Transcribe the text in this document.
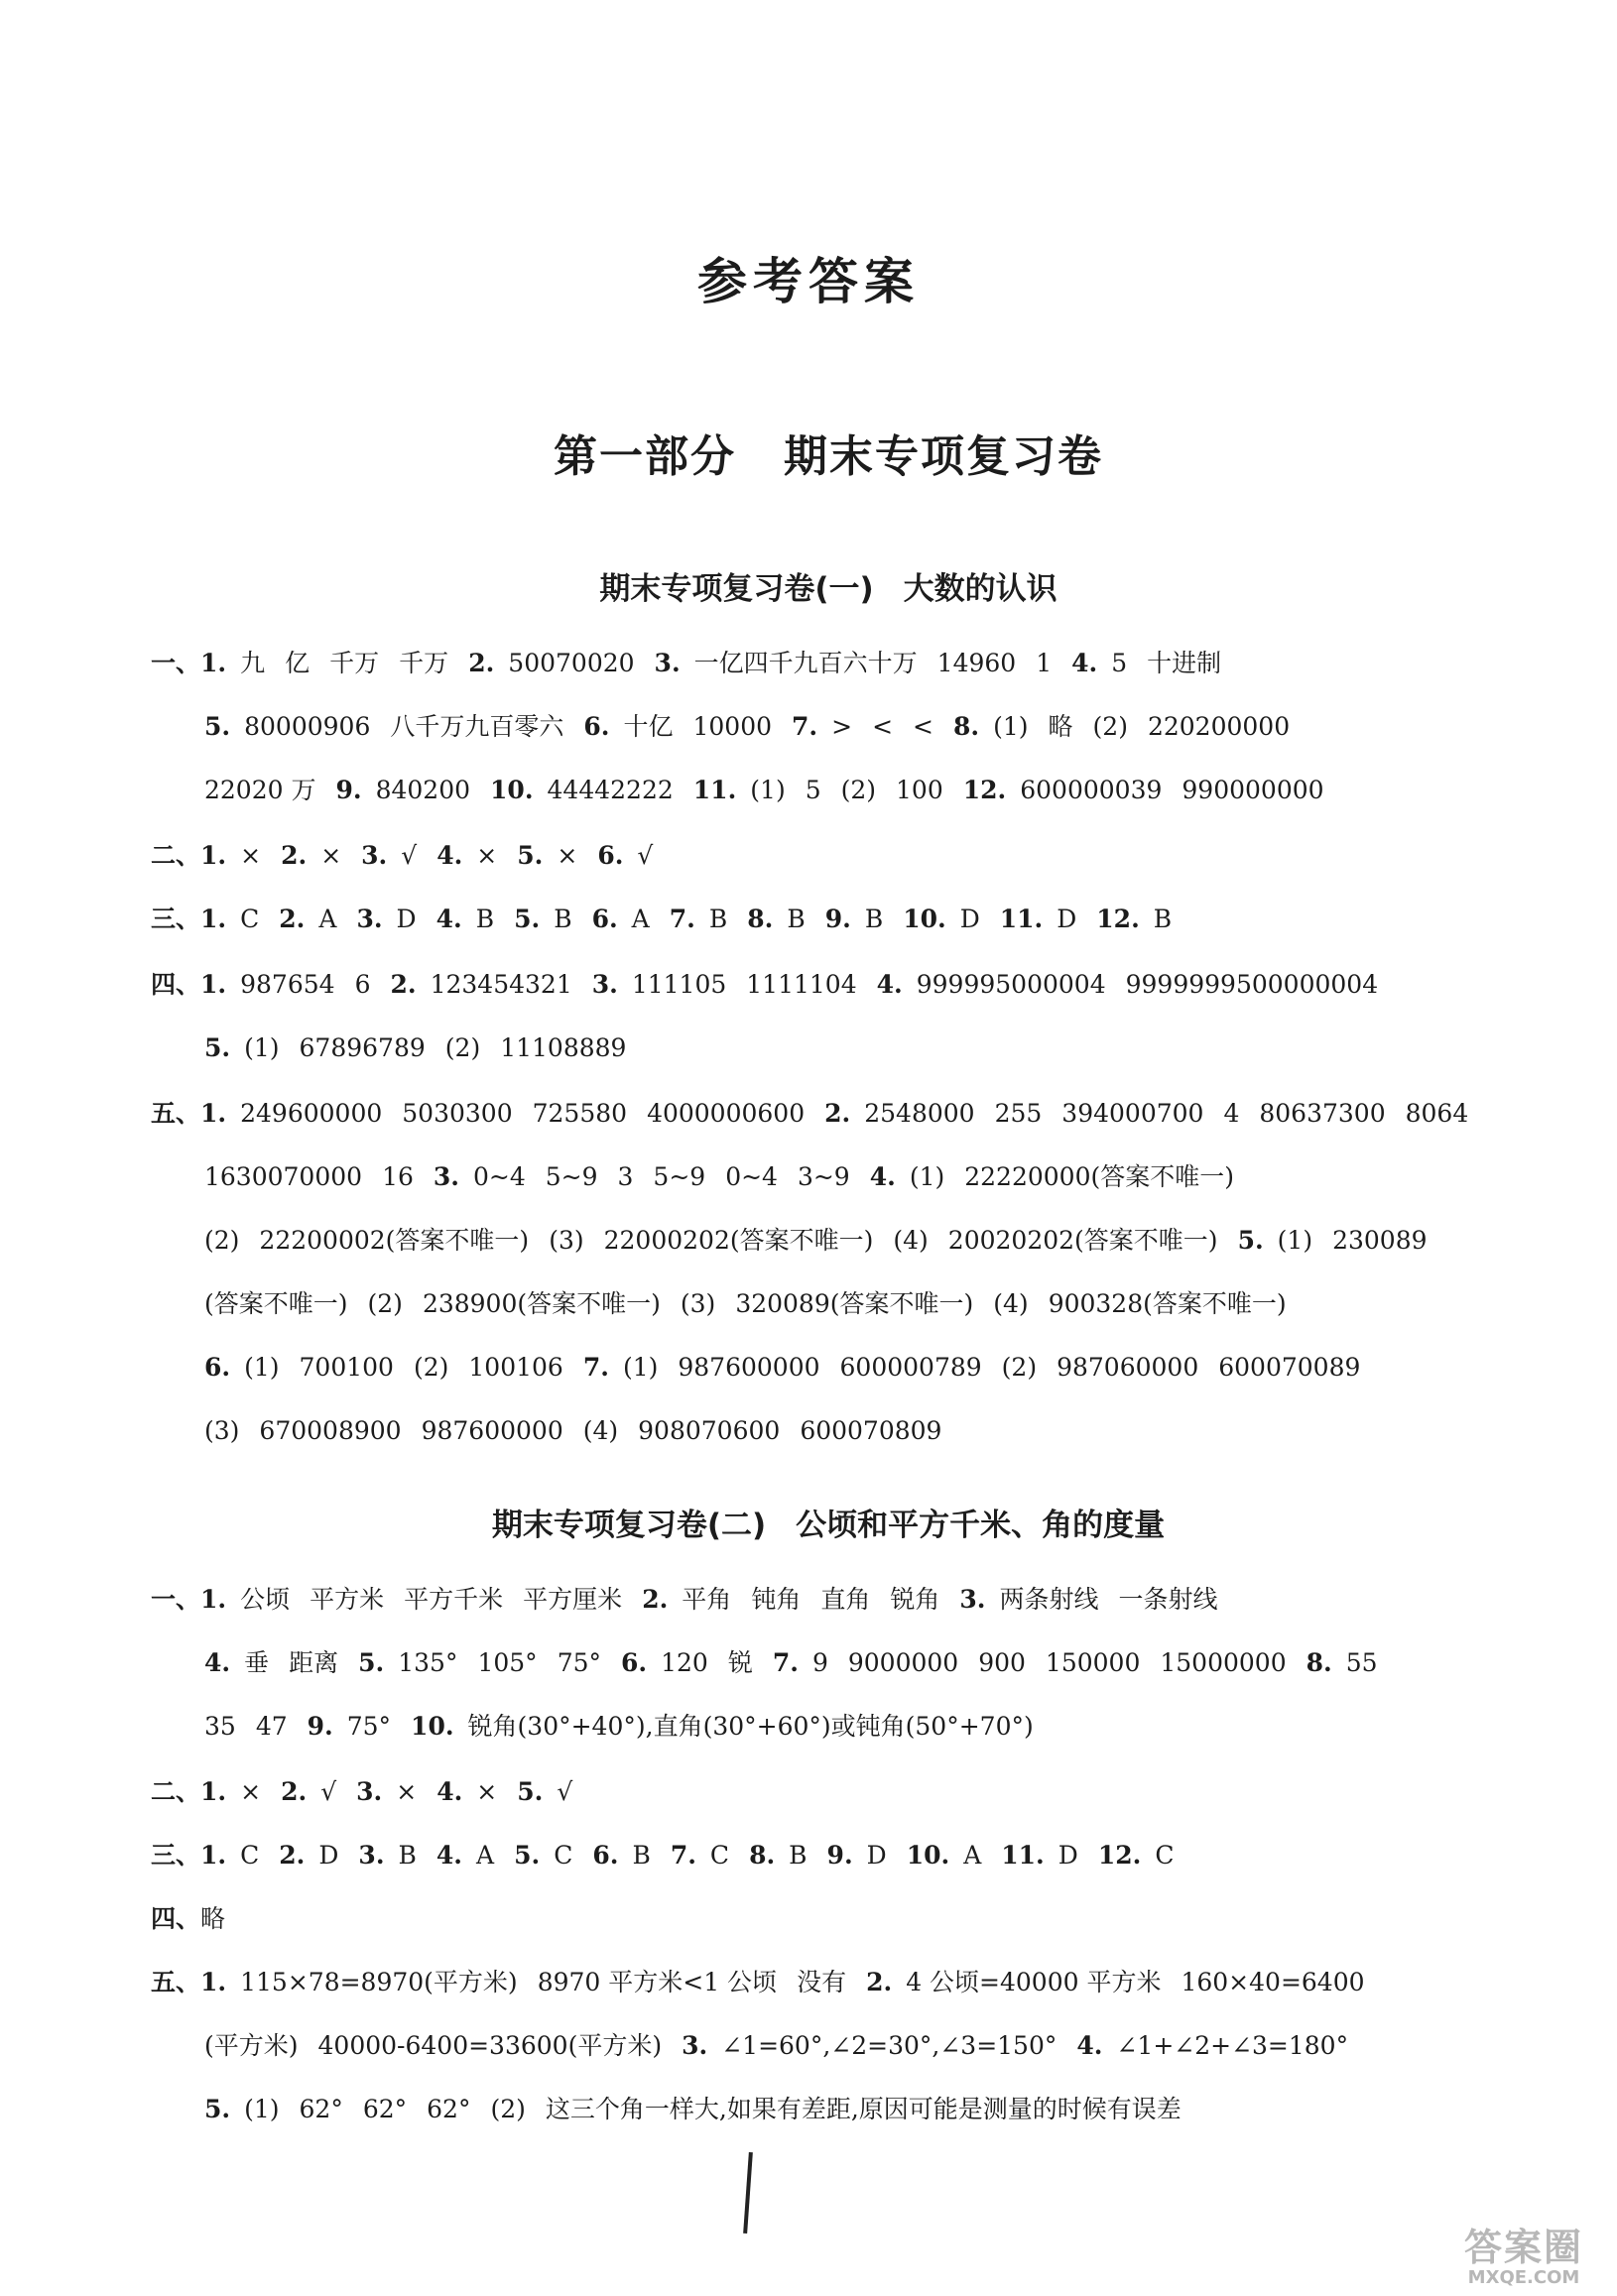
参考答案
第一部分 期末专项复习卷
期末专项复习卷(一) 大数的认识
一、1. 九 亿 千万 千万 2. 50070020 3. 一亿四千九百六十万 14960 1 4. 5 十进制
5. 80000906 八千万九百零六 6. 十亿 10000 7. > < < 8. (1) 略 (2) 220200000
22020 万 9. 840200 10. 44442222 11. (1) 5 (2) 100 12. 600000039 990000000
二、1. × 2. × 3. √ 4. × 5. × 6. √
三、1. C 2. A 3. D 4. B 5. B 6. A 7. B 8. B 9. B 10. D 11. D 12. B
四、1. 987654 6 2. 123454321 3. 111105 1111104 4. 999995000004 9999999500000004
5. (1) 67896789 (2) 11108889
五、1. 249600000 5030300 725580 4000000600 2. 2548000 255 394000700 4 80637300 8064
1630070000 16 3. 0~4 5~9 3 5~9 0~4 3~9 4. (1) 22220000(答案不唯一)
(2) 22200002(答案不唯一) (3) 22000202(答案不唯一) (4) 20020202(答案不唯一) 5. (1) 230089
(答案不唯一) (2) 238900(答案不唯一) (3) 320089(答案不唯一) (4) 900328(答案不唯一)
6. (1) 700100 (2) 100106 7. (1) 987600000 600000789 (2) 987060000 600070089
(3) 670008900 987600000 (4) 908070600 600070809
期末专项复习卷(二) 公顷和平方千米、角的度量
一、1. 公顷 平方米 平方千米 平方厘米 2. 平角 钝角 直角 锐角 3. 两条射线 一条射线
4. 垂 距离 5. 135° 105° 75° 6. 120 锐 7. 9 9000000 900 150000 15000000 8. 55
35 47 9. 75° 10. 锐角(30°+40°),直角(30°+60°)或钝角(50°+70°)
二、1. × 2. √ 3. × 4. × 5. √
三、1. C 2. D 3. B 4. A 5. C 6. B 7. C 8. B 9. D 10. A 11. D 12. C
四、略
五、1. 115×78=8970(平方米) 8970 平方米<1 公顷 没有 2. 4 公顷=40000 平方米 160×40=6400
(平方米) 40000-6400=33600(平方米) 3. ∠1=60°,∠2=30°,∠3=150° 4. ∠1+∠2+∠3=180°
5. (1) 62° 62° 62° (2) 这三个角一样大,如果有差距,原因可能是测量的时候有误差
答案圈
MXQE.COM
